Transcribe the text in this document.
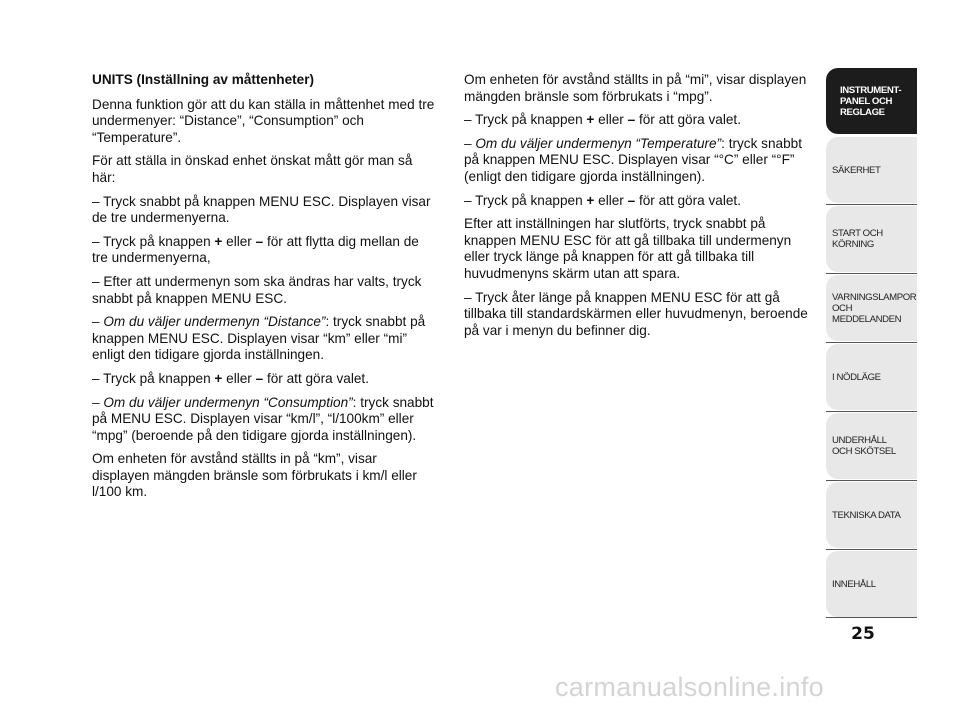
UNITS (Inställning av måttenheter)

Denna funktion gör att du kan ställa in måttenhet med tre undermenyer: “Distance”, “Consumption” och “Temperature”.

För att ställa in önskad enhet önskat mått gör man så här:

– Tryck snabbt på knappen MENU ESC. Displayen visar de tre undermenyerna.

– Tryck på knappen + eller – för att flytta dig mellan de tre undermenyerna,

– Efter att undermenyn som ska ändras har valts, tryck snabbt på knappen MENU ESC.

– Om du väljer undermenyn “Distance”: tryck snabbt på knappen MENU ESC. Displayen visar “km” eller “mi” enligt den tidigare gjorda inställningen.

– Tryck på knappen + eller – för att göra valet.

– Om du väljer undermenyn “Consumption”: tryck snabbt på MENU ESC. Displayen visar “km/l”, “l/100km” eller “mpg” (beroende på den tidigare gjorda inställningen).

Om enheten för avstånd ställts in på “km”, visar displayen mängden bränsle som förbrukats i km/l eller l/100 km.

Om enheten för avstånd ställts in på “mi”, visar displayen mängden bränsle som förbrukats i “mpg”.

– Tryck på knappen + eller – för att göra valet.

– Om du väljer undermenyn “Temperature”: tryck snabbt på knappen MENU ESC. Displayen visar “°C” eller “°F” (enligt den tidigare gjorda inställningen).

– Tryck på knappen + eller – för att göra valet.

Efter att inställningen har slutförts, tryck snabbt på knappen MENU ESC för att gå tillbaka till undermenyn eller tryck länge på knappen för att gå tillbaka till huvudmenyns skärm utan att spara.

– Tryck åter länge på knappen MENU ESC för att gå tillbaka till standardskärmen eller huvudmenyn, beroende på var i menyn du befinner dig.

INSTRUMENT-
PANEL OCH
REGLAGE
SÄKERHET
START OCH
KÖRNING
VARNINGSLAMPOR
OCH
MEDDELANDEN
I NÖDLÄGE
UNDERHÅLL
OCH SKÖTSEL
TEKNISKA DATA
INNEHÅLL
25
carmanualsonline.info
